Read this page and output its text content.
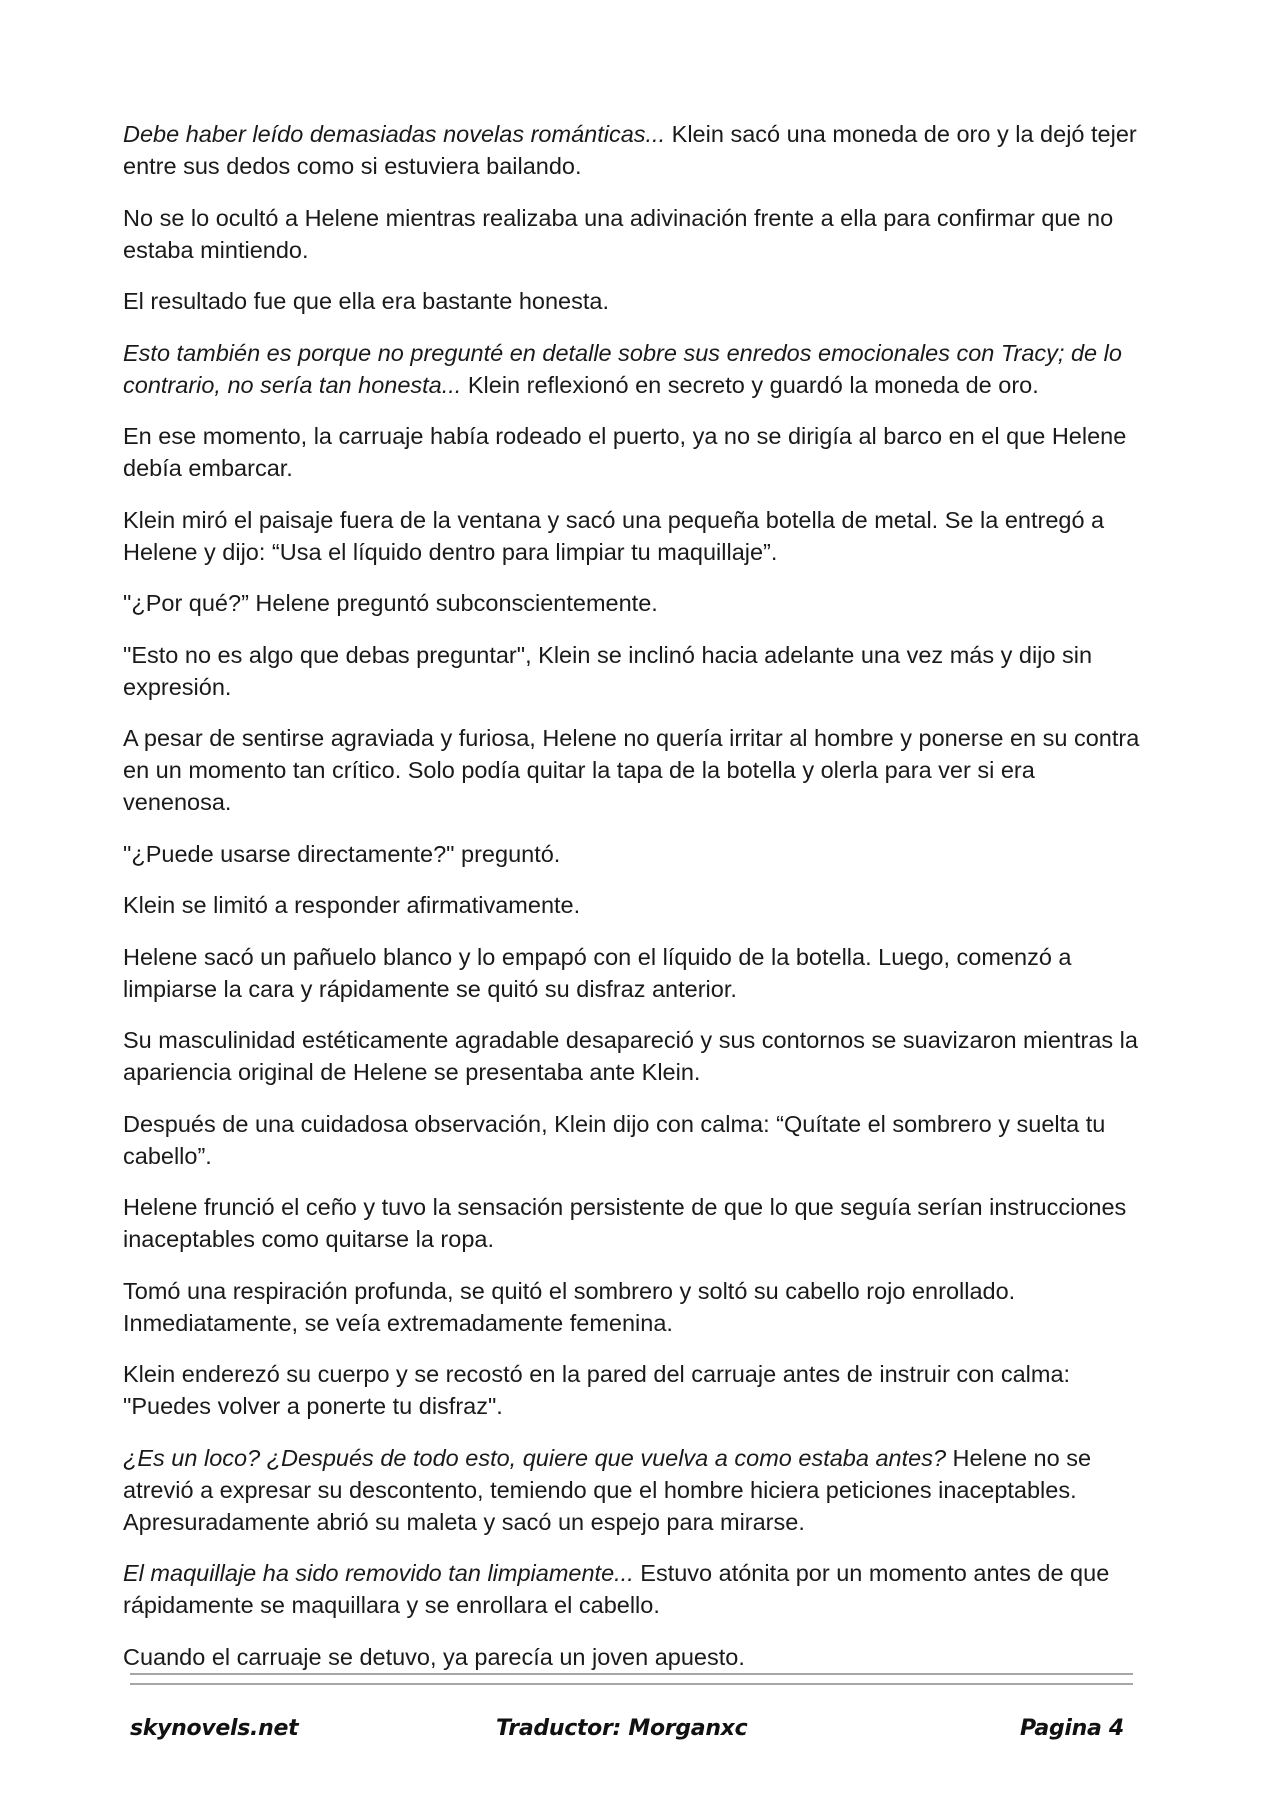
Debe haber leído demasiadas novelas románticas... Klein sacó una moneda de oro y la dejó tejer entre sus dedos como si estuviera bailando.

No se lo ocultó a Helene mientras realizaba una adivinación frente a ella para confirmar que no estaba mintiendo.

El resultado fue que ella era bastante honesta.

Esto también es porque no pregunté en detalle sobre sus enredos emocionales con Tracy; de lo contrario, no sería tan honesta... Klein reflexionó en secreto y guardó la moneda de oro.

En ese momento, la carruaje había rodeado el puerto, ya no se dirigía al barco en el que Helene debía embarcar.

Klein miró el paisaje fuera de la ventana y sacó una pequeña botella de metal. Se la entregó a Helene y dijo: “Usa el líquido dentro para limpiar tu maquillaje”.

"¿Por qué?” Helene preguntó subconscientemente.

"Esto no es algo que debas preguntar", Klein se inclinó hacia adelante una vez más y dijo sin expresión.

A pesar de sentirse agraviada y furiosa, Helene no quería irritar al hombre y ponerse en su contra en un momento tan crítico. Solo podía quitar la tapa de la botella y olerla para ver si era venenosa.

"¿Puede usarse directamente?" preguntó.

Klein se limitó a responder afirmativamente.

Helene sacó un pañuelo blanco y lo empapó con el líquido de la botella. Luego, comenzó a limpiarse la cara y rápidamente se quitó su disfraz anterior.

Su masculinidad estéticamente agradable desapareció y sus contornos se suavizaron mientras la apariencia original de Helene se presentaba ante Klein.

Después de una cuidadosa observación, Klein dijo con calma: “Quítate el sombrero y suelta tu cabello”.

Helene frunció el ceño y tuvo la sensación persistente de que lo que seguía serían instrucciones inaceptables como quitarse la ropa.

Tomó una respiración profunda, se quitó el sombrero y soltó su cabello rojo enrollado. Inmediatamente, se veía extremadamente femenina.

Klein enderezó su cuerpo y se recostó en la pared del carruaje antes de instruir con calma: "Puedes volver a ponerte tu disfraz".

¿Es un loco? ¿Después de todo esto, quiere que vuelva a como estaba antes? Helene no se atrevió a expresar su descontento, temiendo que el hombre hiciera peticiones inaceptables. Apresuradamente abrió su maleta y sacó un espejo para mirarse.

El maquillaje ha sido removido tan limpiamente... Estuvo atónita por un momento antes de que rápidamente se maquillara y se enrollara el cabello.

Cuando el carruaje se detuvo, ya parecía un joven apuesto.

skynovels.net	Traductor: Morganxc	Pagina 4
